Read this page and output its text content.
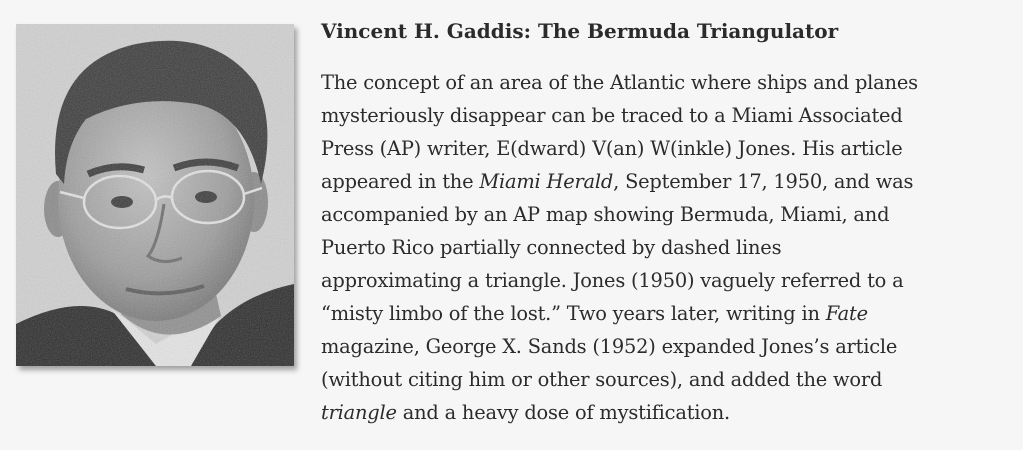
Vincent H. Gaddis: The Bermuda Triangulator

The concept of an area of the Atlantic where ships and planes
mysteriously disappear can be traced to a Miami Associated
Press (AP) writer, E(dward) V(an) W(inkle) Jones. His article
appeared in the Miami Herald, September 17, 1950, and was
accompanied by an AP map showing Bermuda, Miami, and
Puerto Rico partially connected by dashed lines
approximating a triangle. Jones (1950) vaguely referred to a
“misty limbo of the lost.” Two years later, writing in Fate
magazine, George X. Sands (1952) expanded Jones’s article
(without citing him or other sources), and added the word
triangle and a heavy dose of mystification.
